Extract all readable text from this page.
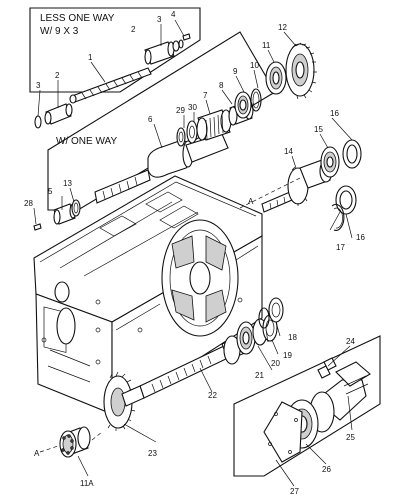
LESS ONE WAY
W/ 9 X 3
W/ ONE WAY
1
2
3
2
3
4
6
29 30
7
8
9
10
11
12
16
15
14
17
16
5
13
28	A
18
19
20
21
22
23
24
25
26
27
A
11A
